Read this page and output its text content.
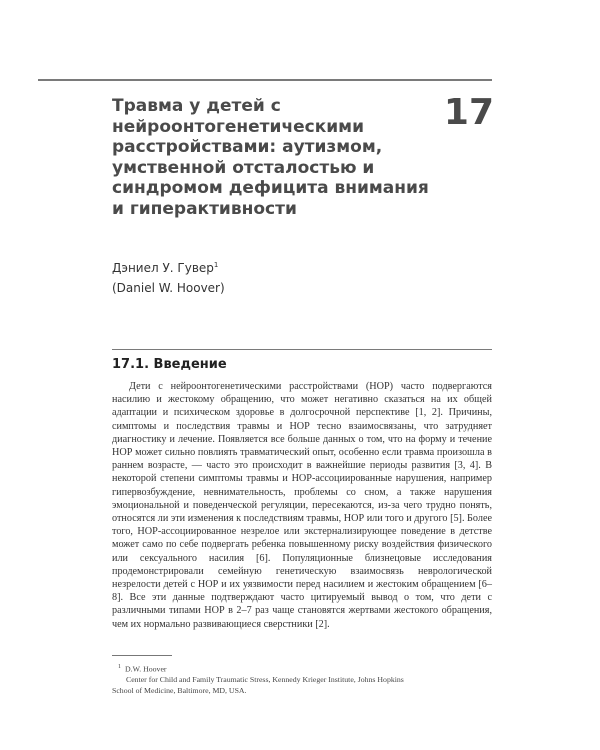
Травма у детей с нейроонтогенетическими расстройствами: аутизмом, умственной отсталостью и синдромом дефицита внимания и гиперактивности
17
Дэниел У. Гувер$^1$
(Daniel W. Hoover)
17.1. Введение

Дети с нейроонтогенетическими расстройствами (НОР) часто подвергаются насилию и жестокому обращению, что может негативно сказаться на их общей адаптации и психическом здоровье в долгосрочной перспективе [1, 2]. Причины, симптомы и последствия травмы и НОР тесно взаимосвязаны, что затрудняет диагностику и лечение. Появляется все больше данных о том, что на форму и течение НОР может сильно повлиять травматический опыт, особенно если травма произошла в раннем возрасте, — часто это происходит в важнейшие периоды развития [3, 4]. В некоторой степени симптомы травмы и НОР-ассоциированные нарушения, например гипервозбуждение, невнимательность, проблемы со сном, а также нарушения эмоциональной и поведенческой регуляции, пересекаются, из-за чего трудно понять, относятся ли эти изменения к последствиям травмы, НОР или того и другого [5]. Более того, НОР-ассоциированное незрелое или экстернализирующее поведение в детстве может само по себе подвергать ребенка повышенному риску воздействия физического или сексуального насилия [6]. Популяционные близнецовые исследования продемонстрировали семейную генетическую взаимосвязь неврологической незрелости детей с НОР и их уязвимости перед насилием и жестоким обращением [6–8]. Все эти данные подтверждают часто цитируемый вывод о том, что дети с различными типами НОР в 2–7 раз чаще становятся жертвами жестокого обращения, чем их нормально развивающиеся сверстники [2].

$^1$ D.W. Hoover
Center for Child and Family Traumatic Stress, Kennedy Krieger Institute, Johns Hopkins
School of Medicine, Baltimore, MD, USA.
